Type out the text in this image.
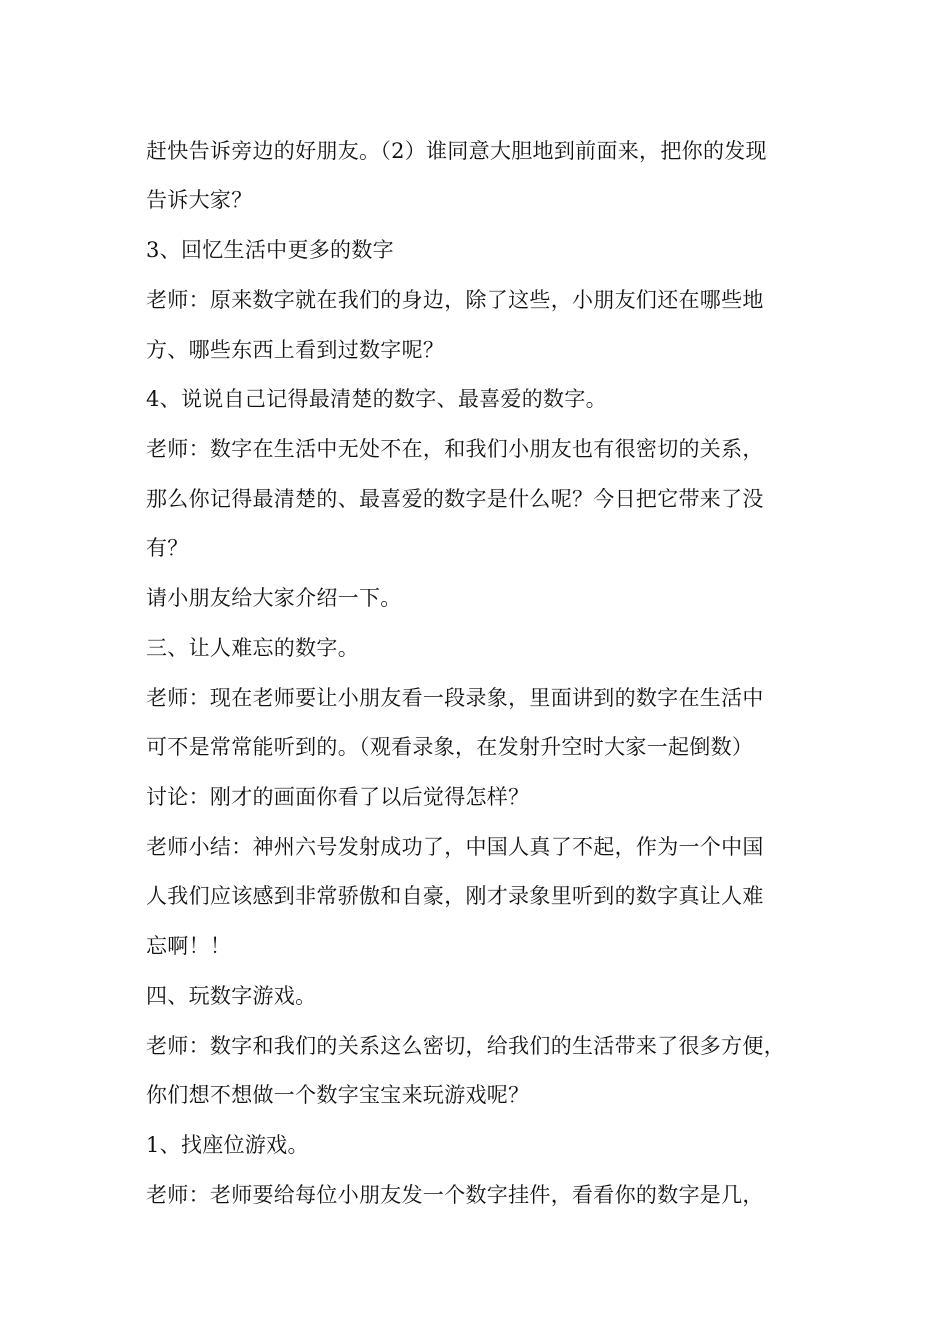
赶快告诉旁边的好朋友。（2）谁同意大胆地到前面来，把你的发现
告诉大家？
3、回忆生活中更多的数字
老师：原来数字就在我们的身边，除了这些，小朋友们还在哪些地
方、哪些东西上看到过数字呢？
4、说说自己记得最清楚的数字、最喜爱的数字。
老师：数字在生活中无处不在，和我们小朋友也有很密切的关系，
那么你记得最清楚的、最喜爱的数字是什么呢？今日把它带来了没
有？
请小朋友给大家介绍一下。
三、让人难忘的数字。
老师：现在老师要让小朋友看一段录象，里面讲到的数字在生活中
可不是常常能听到的。（观看录象，在发射升空时大家一起倒数）
讨论：刚才的画面你看了以后觉得怎样？
老师小结：神州六号发射成功了，中国人真了不起，作为一个中国
人我们应该感到非常骄傲和自豪，刚才录象里听到的数字真让人难
忘啊！！
四、玩数字游戏。
老师：数字和我们的关系这么密切，给我们的生活带来了很多方便，
你们想不想做一个数字宝宝来玩游戏呢？
1、找座位游戏。
老师：老师要给每位小朋友发一个数字挂件，看看你的数字是几，
